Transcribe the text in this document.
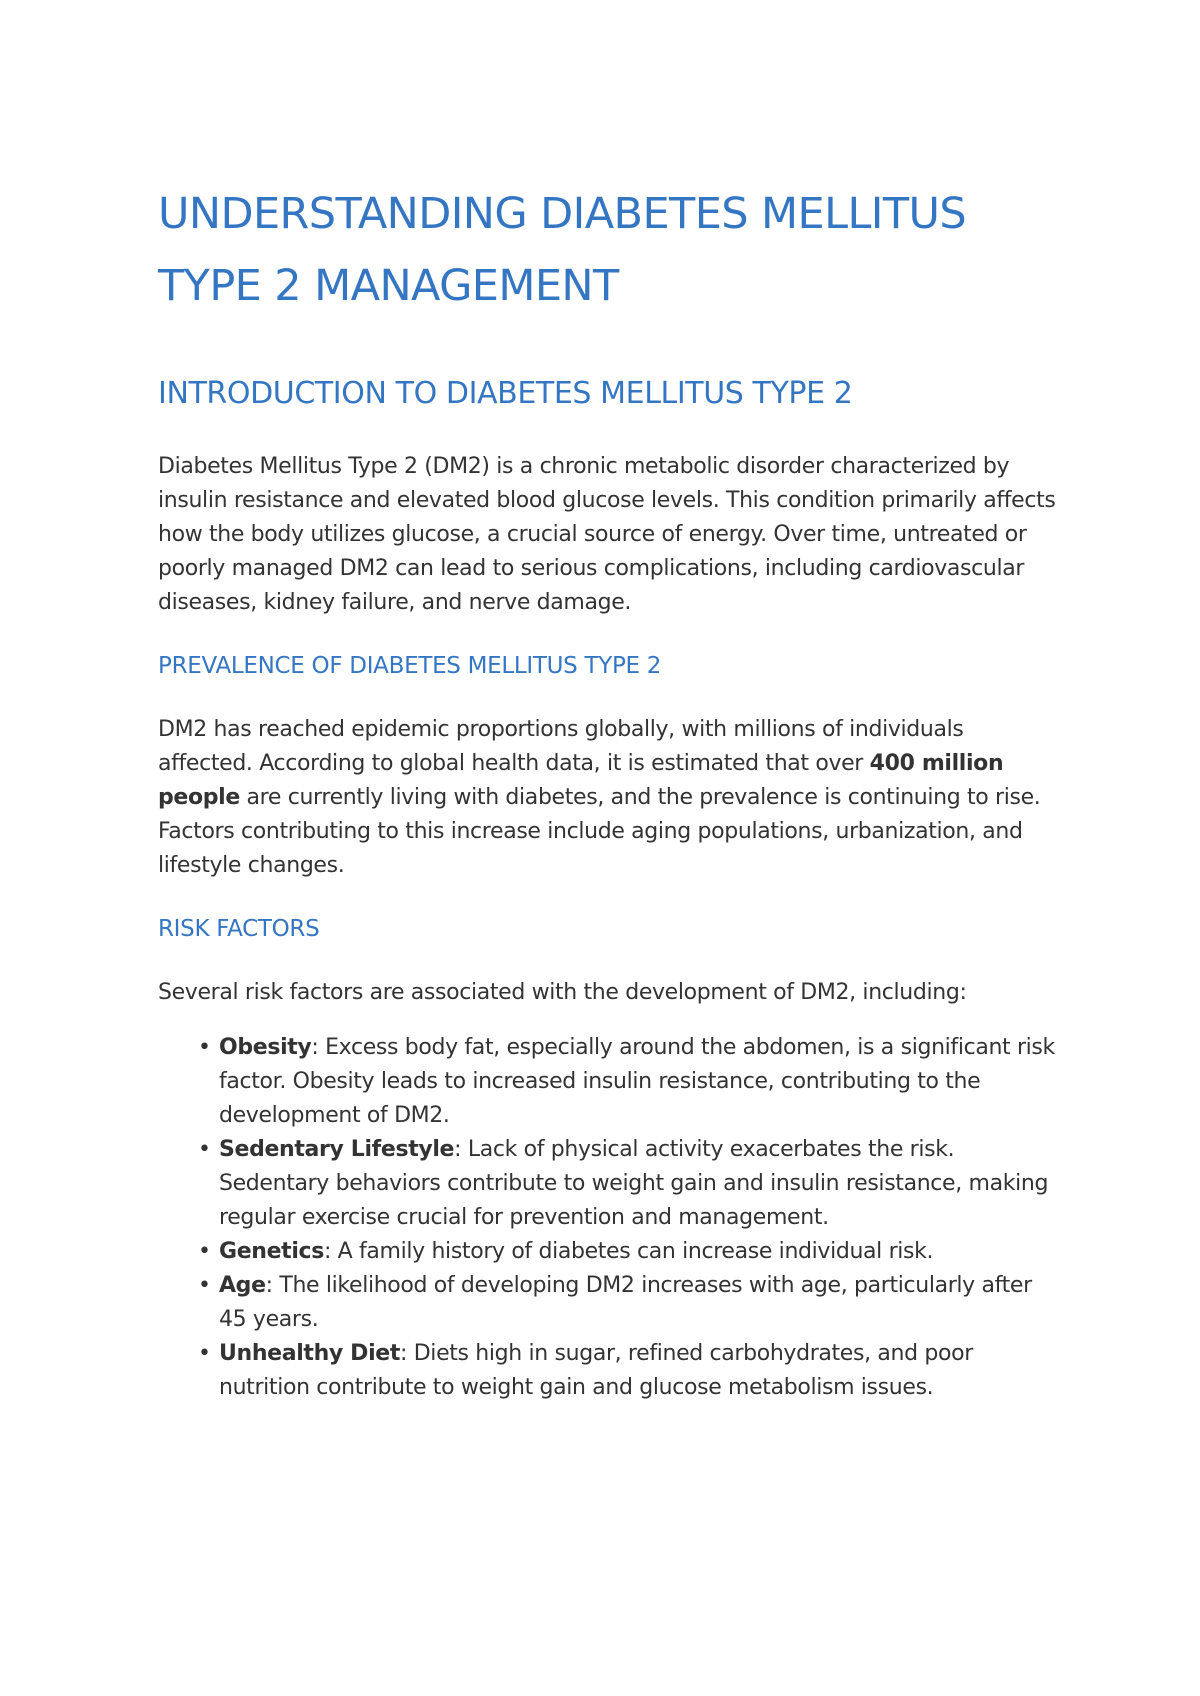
UNDERSTANDING DIABETES MELLITUS TYPE 2 MANAGEMENT
INTRODUCTION TO DIABETES MELLITUS TYPE 2

Diabetes Mellitus Type 2 (DM2) is a chronic metabolic disorder characterized by insulin resistance and elevated blood glucose levels. This condition primarily affects how the body utilizes glucose, a crucial source of energy. Over time, untreated or poorly managed DM2 can lead to serious complications, including cardiovascular diseases, kidney failure, and nerve damage.

PREVALENCE OF DIABETES MELLITUS TYPE 2

DM2 has reached epidemic proportions globally, with millions of individuals affected. According to global health data, it is estimated that over 400 million people are currently living with diabetes, and the prevalence is continuing to rise. Factors contributing to this increase include aging populations, urbanization, and lifestyle changes.

RISK FACTORS

Several risk factors are associated with the development of DM2, including:

• Obesity: Excess body fat, especially around the abdomen, is a significant risk factor. Obesity leads to increased insulin resistance, contributing to the development of DM2.
• Sedentary Lifestyle: Lack of physical activity exacerbates the risk. Sedentary behaviors contribute to weight gain and insulin resistance, making regular exercise crucial for prevention and management.
• Genetics: A family history of diabetes can increase individual risk.
• Age: The likelihood of developing DM2 increases with age, particularly after 45 years.
• Unhealthy Diet: Diets high in sugar, refined carbohydrates, and poor nutrition contribute to weight gain and glucose metabolism issues.
